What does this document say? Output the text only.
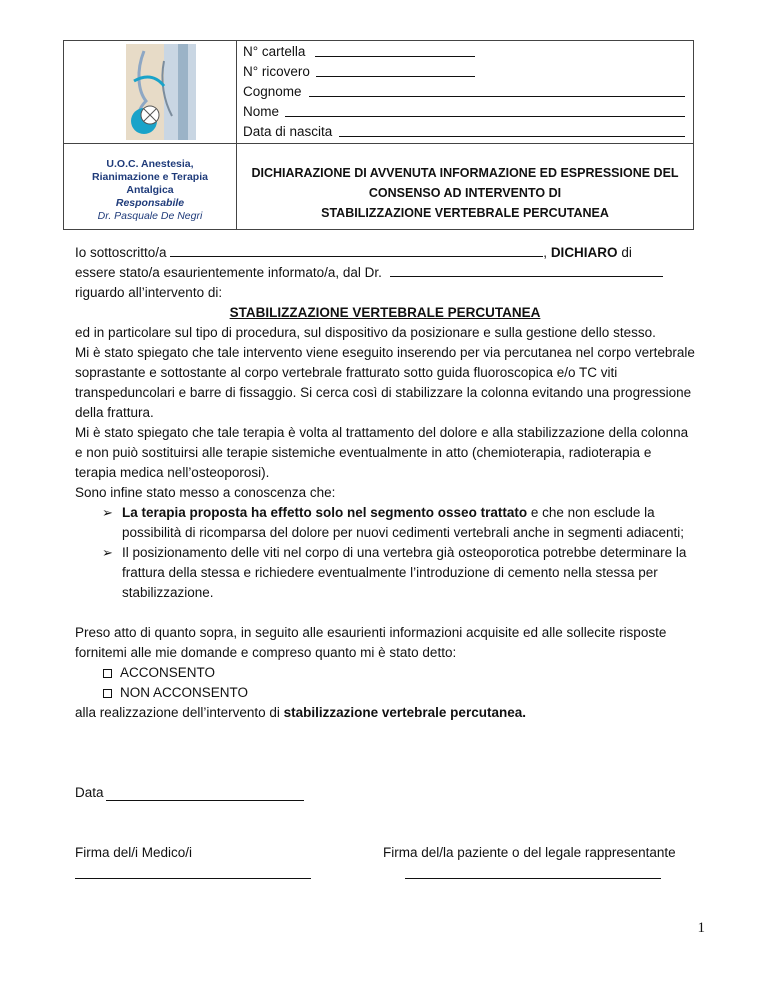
N° cartella
N° ricovero
Cognome
Nome
Data di nascita
U.O.C. Anestesia,
Rianimazione e Terapia
Antalgica
Responsabile
Dr. Pasquale De Negri
DICHIARAZIONE DI AVVENUTA INFORMAZIONE ED ESPRESSIONE DEL
CONSENSO AD INTERVENTO DI
STABILIZZAZIONE VERTEBRALE PERCUTANEA

Io sottoscritto/a	, DICHIARO di

essere stato/a esaurientemente informato/a, dal Dr.

riguardo all’intervento di:

STABILIZZAZIONE VERTEBRALE PERCUTANEA

ed in particolare sul tipo di procedura, sul dispositivo da posizionare e sulla gestione dello stesso.

Mi è stato spiegato che tale intervento viene eseguito inserendo per via percutanea nel corpo vertebrale soprastante e sottostante al corpo vertebrale fratturato sotto guida fluoroscopica e/o TC viti transpeduncolari e barre di fissaggio. Si cerca così di stabilizzare la colonna evitando una progressione della frattura.

Mi è stato spiegato che tale terapia è volta al trattamento del dolore e alla stabilizzazione della colonna e non puiò sostituirsi alle terapie sistemiche eventualmente in atto (chemioterapia, radioterapia e terapia medica nell’osteoporosi).

Sono infine stato messo a conoscenza che:

➢ La terapia proposta ha effetto solo nel segmento osseo trattato e che non esclude la possibilità di ricomparsa del dolore per nuovi cedimenti vertebrali anche in segmenti adiacenti;

➢ Il posizionamento delle viti nel corpo di una vertebra già osteoporotica potrebbe determinare la frattura della stessa e richiedere eventualmente l’introduzione di cemento nella stessa per stabilizzazione.

Preso atto di quanto sopra, in seguito alle esaurienti informazioni acquisite ed alle sollecite risposte fornitemi alle mie domande e compreso quanto mi è stato detto:

ACCONSENTO

NON ACCONSENTO

alla realizzazione dell’intervento di stabilizzazione vertebrale percutanea.

Data
Firma del/i Medico/i	Firma del/la paziente o del legale rappresentante
1
